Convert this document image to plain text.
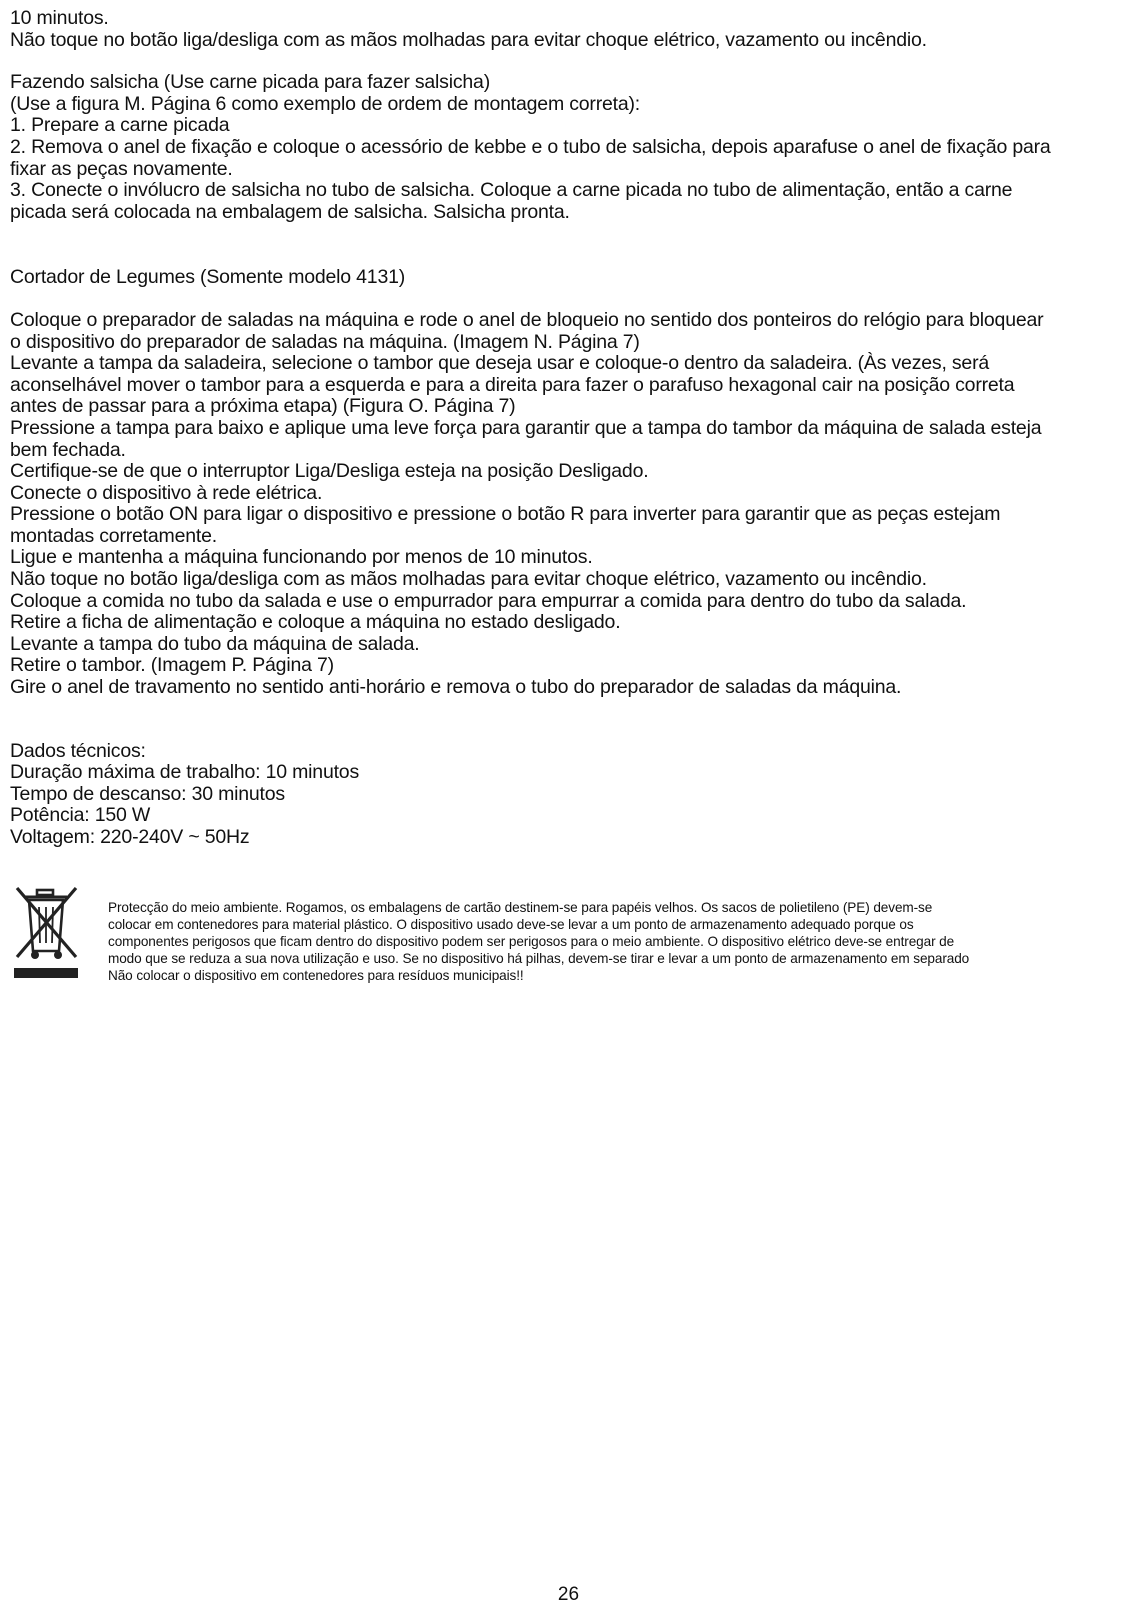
10 minutos.
Não toque no botão liga/desliga com as mãos molhadas para evitar choque elétrico, vazamento ou incêndio.
Fazendo salsicha (Use carne picada para fazer salsicha)
(Use a figura M. Página 6 como exemplo de ordem de montagem correta):
1. Prepare a carne picada
2. Remova o anel de fixação e coloque o acessório de kebbe e o tubo de salsicha, depois aparafuse o anel de fixação para
fixar as peças novamente.
3. Conecte o invólucro de salsicha no tubo de salsicha. Coloque a carne picada no tubo de alimentação, então a carne
picada será colocada na embalagem de salsicha. Salsicha pronta.
Cortador de Legumes (Somente modelo 4131)
Coloque o preparador de saladas na máquina e rode o anel de bloqueio no sentido dos ponteiros do relógio para bloquear
o dispositivo do preparador de saladas na máquina. (Imagem N. Página 7)
Levante a tampa da saladeira, selecione o tambor que deseja usar e coloque-o dentro da saladeira. (Às vezes, será
aconselhável mover o tambor para a esquerda e para a direita para fazer o parafuso hexagonal cair na posição correta
antes de passar para a próxima etapa) (Figura O. Página 7)
Pressione a tampa para baixo e aplique uma leve força para garantir que a tampa do tambor da máquina de salada esteja
bem fechada.
Certifique-se de que o interruptor Liga/Desliga esteja na posição Desligado.
Conecte o dispositivo à rede elétrica.
Pressione o botão ON para ligar o dispositivo e pressione o botão R para inverter para garantir que as peças estejam
montadas corretamente.
Ligue e mantenha a máquina funcionando por menos de 10 minutos.
Não toque no botão liga/desliga com as mãos molhadas para evitar choque elétrico, vazamento ou incêndio.
Coloque a comida no tubo da salada e use o empurrador para empurrar a comida para dentro do tubo da salada.
Retire a ficha de alimentação e coloque a máquina no estado desligado.
Levante a tampa do tubo da máquina de salada.
Retire o tambor. (Imagem P. Página 7)
Gire o anel de travamento no sentido anti-horário e remova o tubo do preparador de saladas da máquina.
Dados técnicos:
Duração máxima de trabalho: 10 minutos
Tempo de descanso: 30 minutos
Potência: 150 W
Voltagem: 220-240V ~ 50Hz
Protecção do meio ambiente. Rogamos, os embalagens de cartão destinem-se para papéis velhos. Os sacos de polietileno (PE) devem-se
colocar em contenedores para material plástico. O dispositivo usado deve-se levar a um ponto de armazenamento adequado porque os
componentes perigosos que ficam dentro do dispositivo podem ser perigosos para o meio ambiente. O dispositivo elétrico deve-se entregar de
modo que se reduza a sua nova utilização e uso. Se no dispositivo há pilhas, devem-se tirar e levar a um ponto de armazenamento em separado
Não colocar o dispositivo em contenedores para resíduos municipais!!
26
